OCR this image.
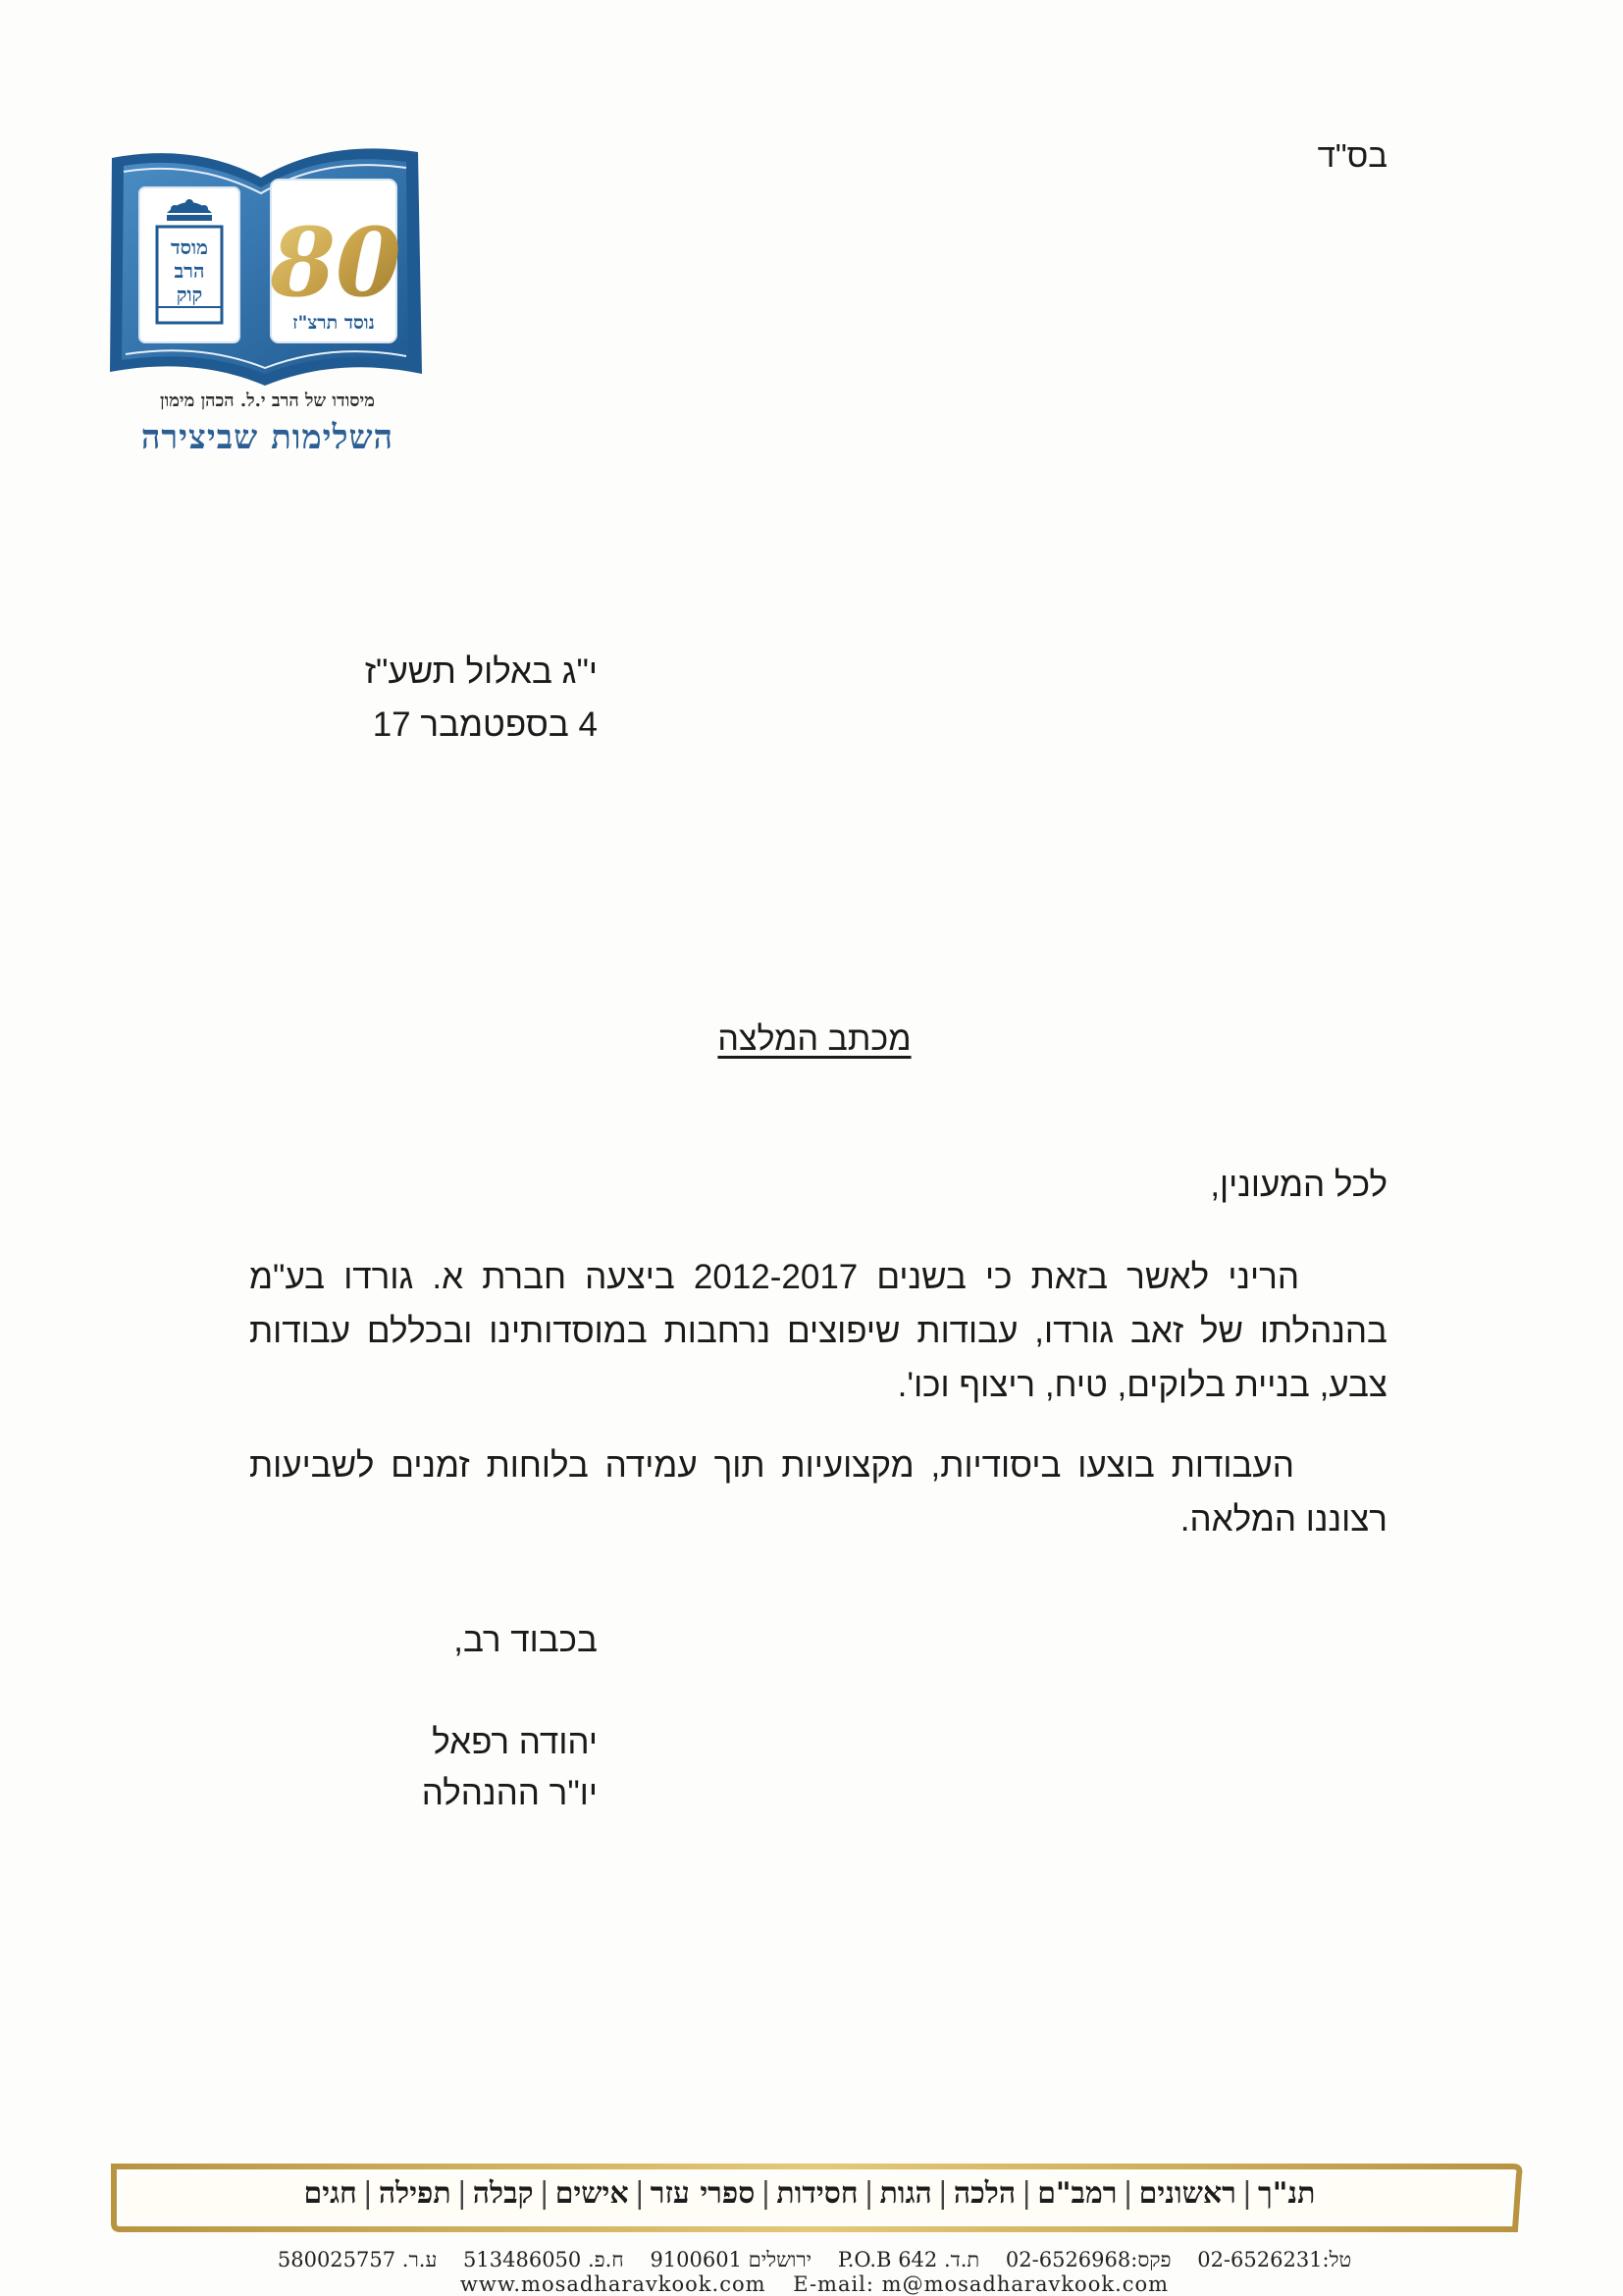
בס"ד
מוסד
הרב
קוק 80
נוסד תרצ"ז
מיסודו של הרב י.ל. הכהן מימון
השלימות שביצירה
י"ג באלול תשע"ז
4 בספטמבר 17
מכתב המלצה
לכל המעונין,
הריני לאשר בזאת כי בשנים 2012-2017 ביצעה חברת א. גורדו בע"מ בהנהלתו של זאב גורדו, עבודות שיפוצים נרחבות במוסדותינו ובכללם עבודות צבע, בניית בלוקים, טיח, ריצוף וכו'.
העבודות בוצעו ביסודיות, מקצועיות תוך עמידה בלוחות זמנים לשביעות רצוננו המלאה.
בכבוד רב,
יהודה רפאל
יו"ר ההנהלה
תנ"ך|ראשונים|רמב"ם|הלכה|הגות|חסידות|ספרי עזר|אישים|קבלה|תפילה|חגים
טל:02-6526231 פקס:02-6526968 ת.ד. 642 P.O.B ירושלים 9100601 ח.פ. 513486050 ע.ר. 580025757
www.mosadharavkook.com E-mail: m@mosadharavkook.com
